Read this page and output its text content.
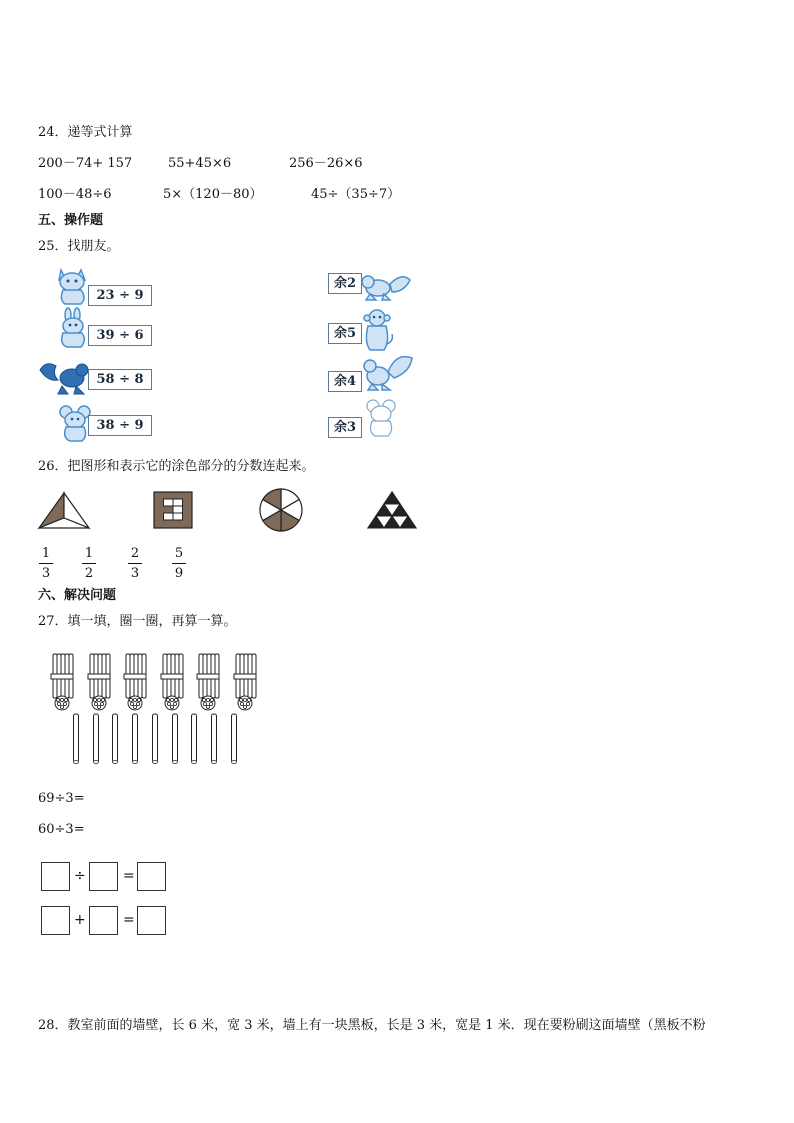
24．递等式计算
200－74+ 157	55+45×6	256－26×6
100－48÷6	5×（120－80）	45÷（35÷7）
五、操作题
25．找朋友。
23 ÷ 9
39 ÷ 6
58 ÷ 8
38 ÷ 9
余2
余5
余4
余3
26．把图形和表示它的涂色部分的分数连起来。
1
3
1
2
2
3
5
9
六、解决问题
27．填一填，圈一圈，再算一算。
69÷3=
60÷3=
÷	=
+	=
28．教室前面的墙壁，长 6 米，宽 3 米，墙上有一块黑板，长是 3 米，宽是 1 米．现在要粉刷这面墙壁（黑板不粉
